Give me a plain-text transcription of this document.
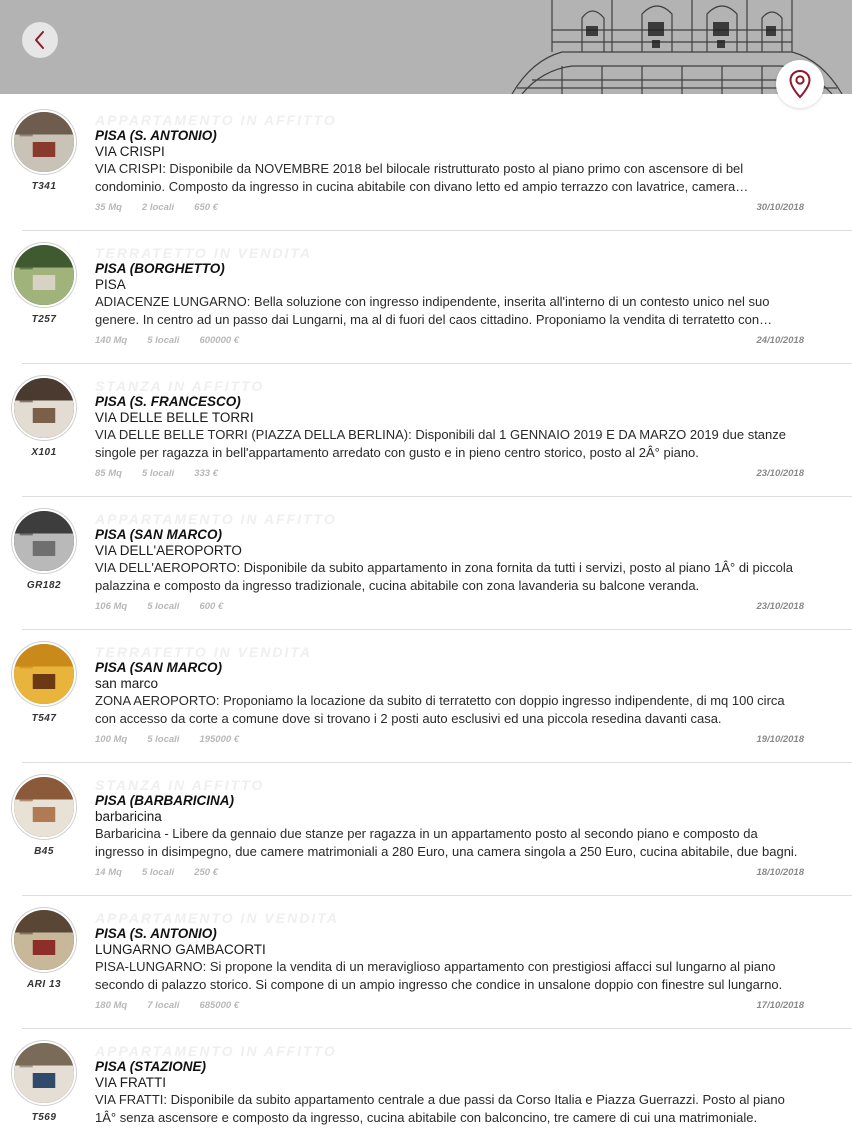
T341
APPARTAMENTO IN AFFITTO
PISA (S. ANTONIO)
VIA CRISPI
VIA CRISPI: Disponibile da NOVEMBRE 2018 bel bilocale ristrutturato posto al piano primo con ascensore di bel condominio. Composto da ingresso in cucina abitabile con divano letto ed ampio terrazzo con lavatrice, camera
35 Mq 2 locali 650 €	30/10/2018
T257
TERRATETTO IN VENDITA
PISA (BORGHETTO)
PISA
ADIACENZE LUNGARNO: Bella soluzione con ingresso indipendente, inserita all'interno di un contesto unico nel suo genere. In centro ad un passo dai Lungarni, ma al di fuori del caos cittadino. Proponiamo la vendita di terratetto con
140 Mq 5 locali 600000 €	24/10/2018
X101
STANZA IN AFFITTO
PISA (S. FRANCESCO)
VIA DELLE BELLE TORRI
VIA DELLE BELLE TORRI (PIAZZA DELLA BERLINA): Disponibili dal 1 GENNAIO 2019 E DA MARZO 2019 due stanze singole per ragazza in bell'appartamento arredato con gusto e in pieno centro storico, posto al 2Â° piano.
85 Mq 5 locali 333 €	23/10/2018
GR182
APPARTAMENTO IN AFFITTO
PISA (SAN MARCO)
VIA DELL'AEROPORTO
VIA DELL'AEROPORTO: Disponibile da subito appartamento in zona fornita da tutti i servizi, posto al piano 1Â° di piccola palazzina e composto da ingresso tradizionale, cucina abitabile con zona lavanderia su balcone veranda.
106 Mq 5 locali 600 €	23/10/2018
T547
TERRATETTO IN VENDITA
PISA (SAN MARCO)
san marco
ZONA AEROPORTO: Proponiamo la locazione da subito di terratetto con doppio ingresso indipendente, di mq 100 circa con accesso da corte a comune dove si trovano i 2 posti auto esclusivi ed una piccola resedina davanti casa.
100 Mq 5 locali 195000 €	19/10/2018
B45
STANZA IN AFFITTO
PISA (BARBARICINA)
barbaricina
Barbaricina - Libere da gennaio due stanze per ragazza in un appartamento posto al secondo piano e composto da ingresso in disimpegno, due camere matrimoniali a 280 Euro, una camera singola a 250 Euro, cucina abitabile, due bagni.
14 Mq 5 locali 250 €	18/10/2018
ARI 13
APPARTAMENTO IN VENDITA
PISA (S. ANTONIO)
LUNGARNO GAMBACORTI
PISA-LUNGARNO: Si propone la vendita di un meraviglioso appartamento con prestigiosi affacci sul lungarno al piano secondo di palazzo storico. Si compone di un ampio ingresso che condice in unsalone doppio con finestre sul lungarno.
180 Mq 7 locali 685000 €	17/10/2018
T569
APPARTAMENTO IN AFFITTO
PISA (STAZIONE)
VIA FRATTI
VIA FRATTI: Disponibile da subito appartamento centrale a due passi da Corso Italia e Piazza Guerrazzi. Posto al piano 1Â° senza ascensore e composto da ingresso, cucina abitabile con balconcino, tre camere di cui una matrimoniale.
